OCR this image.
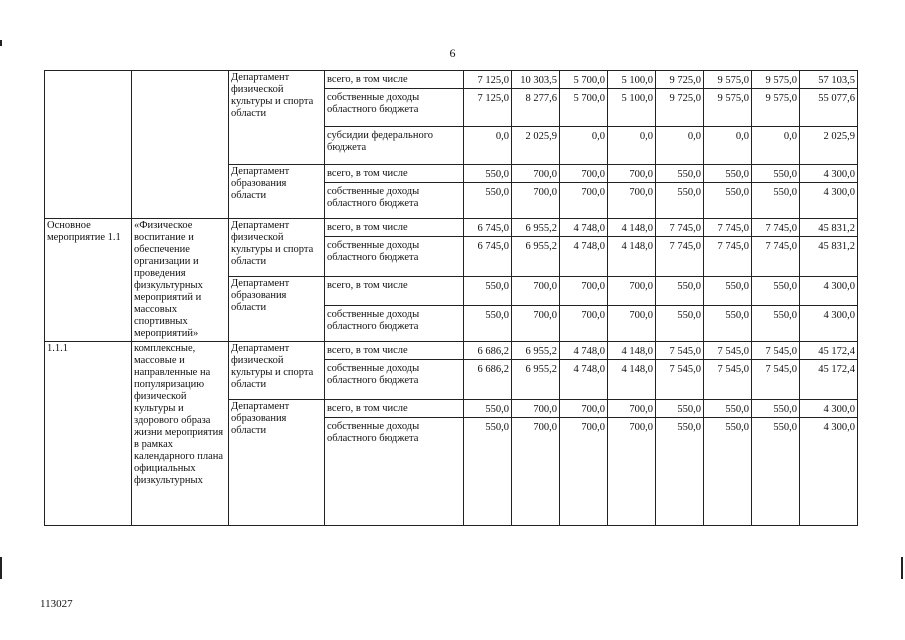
6
		Департамент физической культуры и спорта области	всего, в том числе	7 125,0	10 303,5	5 700,0	5 100,0	9 725,0	9 575,0	9 575,0	57 103,5
			собственные доходы областного бюджета	7 125,0	8 277,6	5 700,0	5 100,0	9 725,0	9 575,0	9 575,0	55 077,6
			субсидии федерального бюджета	0,0	2 025,9	0,0	0,0	0,0	0,0	0,0	2 025,9
		Департамент образования области	всего, в том числе	550,0	700,0	700,0	700,0	550,0	550,0	550,0	4 300,0
			собственные доходы областного бюджета	550,0	700,0	700,0	700,0	550,0	550,0	550,0	4 300,0
Основное мероприятие 1.1	«Физическое воспитание и обеспечение организации и проведения физкультурных мероприятий и массовых спортивных мероприятий»	Департамент физической культуры и спорта области	всего, в том числе	6 745,0	6 955,2	4 748,0	4 148,0	7 745,0	7 745,0	7 745,0	45 831,2
			собственные доходы областного бюджета	6 745,0	6 955,2	4 748,0	4 148,0	7 745,0	7 745,0	7 745,0	45 831,2
		Департамент образования области	всего, в том числе	550,0	700,0	700,0	700,0	550,0	550,0	550,0	4 300,0
			собственные доходы областного бюджета	550,0	700,0	700,0	700,0	550,0	550,0	550,0	4 300,0
1.1.1	комплексные, массовые и направленные на популяризацию физической культуры и здорового образа жизни мероприятия в рамках календарного плана официальных физкультурных	Департамент физической культуры и спорта области	всего, в том числе	6 686,2	6 955,2	4 748,0	4 148,0	7 545,0	7 545,0	7 545,0	45 172,4
			собственные доходы областного бюджета	6 686,2	6 955,2	4 748,0	4 148,0	7 545,0	7 545,0	7 545,0	45 172,4
		Департамент образования области	всего, в том числе	550,0	700,0	700,0	700,0	550,0	550,0	550,0	4 300,0
			собственные доходы областного бюджета	550,0	700,0	700,0	700,0	550,0	550,0	550,0	4 300,0
113027
